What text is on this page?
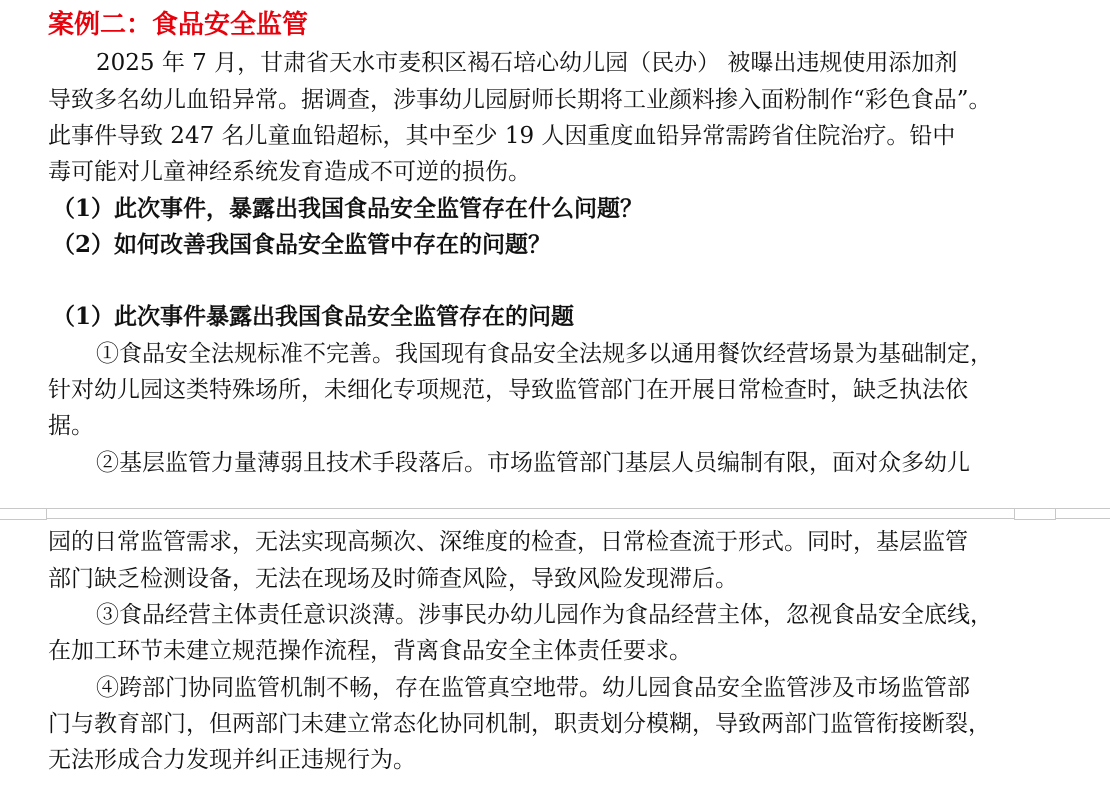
案例二：食品安全监管
2025 年 7 月，甘肃省天水市麦积区褐石培心幼儿园（民办） 被曝出违规使用添加剂
导致多名幼儿血铅异常。据调查，涉事幼儿园厨师长期将工业颜料掺入面粉制作“彩色食品”。
此事件导致 247 名儿童血铅超标，其中至少 19 人因重度血铅异常需跨省住院治疗。铅中
毒可能对儿童神经系统发育造成不可逆的损伤。
（1）此次事件，暴露出我国食品安全监管存在什么问题？
（2）如何改善我国食品安全监管中存在的问题？
（1）此次事件暴露出我国食品安全监管存在的问题
①食品安全法规标准不完善。我国现有食品安全法规多以通用餐饮经营场景为基础制定，
针对幼儿园这类特殊场所，未细化专项规范，导致监管部门在开展日常检查时，缺乏执法依
据。
②基层监管力量薄弱且技术手段落后。市场监管部门基层人员编制有限，面对众多幼儿
园的日常监管需求，无法实现高频次、深维度的检查，日常检查流于形式。同时，基层监管
部门缺乏检测设备，无法在现场及时筛查风险，导致风险发现滞后。
③食品经营主体责任意识淡薄。涉事民办幼儿园作为食品经营主体，忽视食品安全底线，
在加工环节未建立规范操作流程，背离食品安全主体责任要求。
④跨部门协同监管机制不畅，存在监管真空地带。幼儿园食品安全监管涉及市场监管部
门与教育部门，但两部门未建立常态化协同机制，职责划分模糊，导致两部门监管衔接断裂，
无法形成合力发现并纠正违规行为。
